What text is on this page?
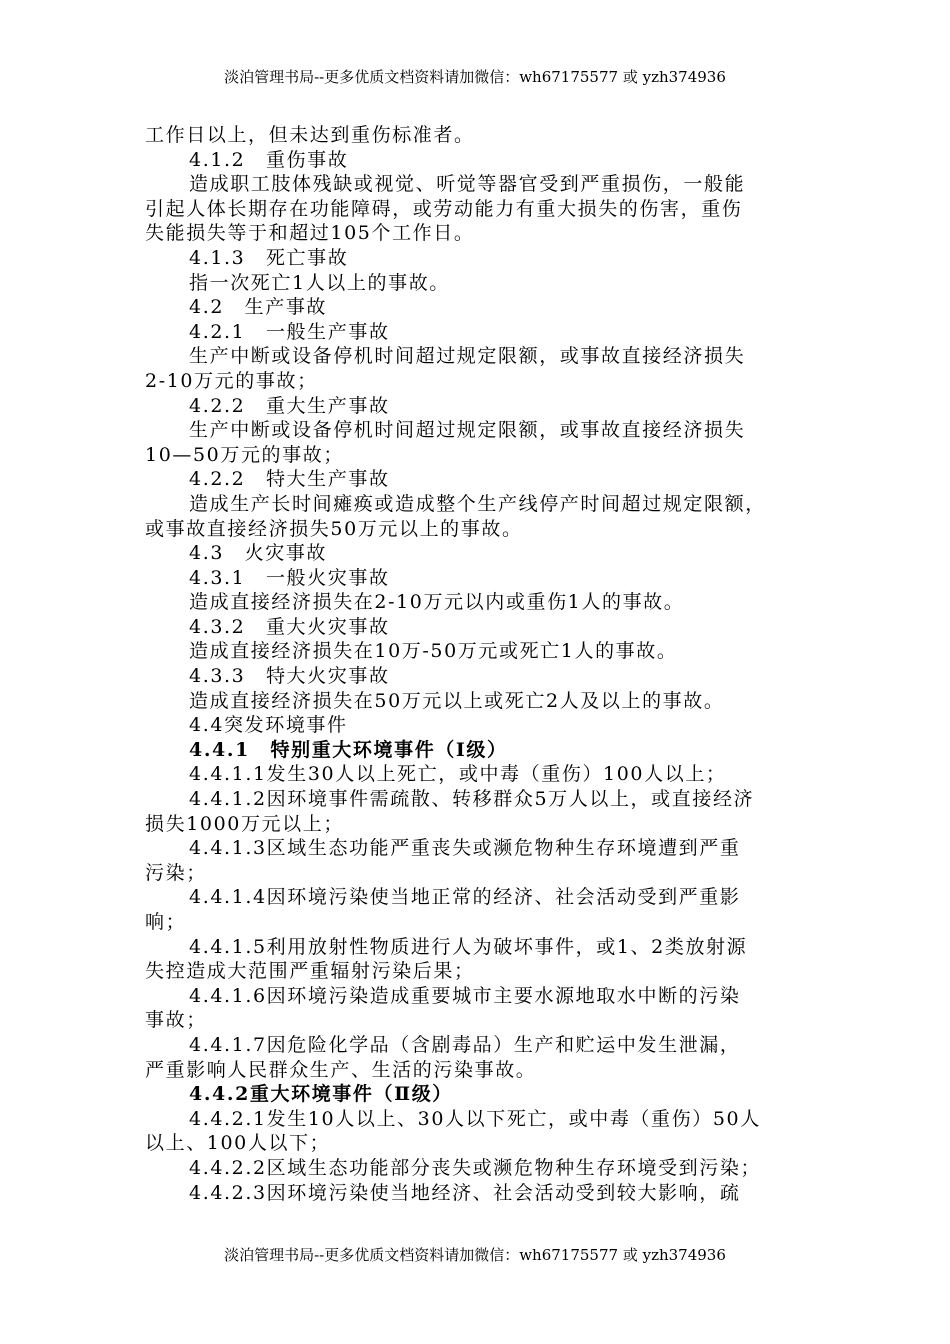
淡泊管理书局--更多优质文档资料请加微信：wh67175577 或 yzh374936
工作日以上，但未达到重伤标准者。
4.1.2　重伤事故
造成职工肢体残缺或视觉、听觉等器官受到严重损伤，一般能
引起人体长期存在功能障碍，或劳动能力有重大损失的伤害，重伤
失能损失等于和超过105个工作日。
4.1.3　死亡事故
指一次死亡1人以上的事故。
4.2　生产事故
4.2.1　一般生产事故
生产中断或设备停机时间超过规定限额，或事故直接经济损失
2-10万元的事故；
4.2.2　重大生产事故
生产中断或设备停机时间超过规定限额，或事故直接经济损失
10—50万元的事故；
4.2.2　特大生产事故
造成生产长时间瘫痪或造成整个生产线停产时间超过规定限额，
或事故直接经济损失50万元以上的事故。
4.3　火灾事故
4.3.1　一般火灾事故
造成直接经济损失在2-10万元以内或重伤1人的事故。
4.3.2　重大火灾事故
造成直接经济损失在10万-50万元或死亡1人的事故。
4.3.3　特大火灾事故
造成直接经济损失在50万元以上或死亡2人及以上的事故。
4.4突发环境事件
4.4.1　特别重大环境事件（Ⅰ级）
4.4.1.1发生30人以上死亡，或中毒（重伤）100人以上；
4.4.1.2因环境事件需疏散、转移群众5万人以上，或直接经济
损失1000万元以上；
4.4.1.3区域生态功能严重丧失或濒危物种生存环境遭到严重
污染；
4.4.1.4因环境污染使当地正常的经济、社会活动受到严重影
响；
4.4.1.5利用放射性物质进行人为破坏事件，或1、2类放射源
失控造成大范围严重辐射污染后果；
4.4.1.6因环境污染造成重要城市主要水源地取水中断的污染
事故；
4.4.1.7因危险化学品（含剧毒品）生产和贮运中发生泄漏，
严重影响人民群众生产、生活的污染事故。
4.4.2重大环境事件（Ⅱ级）
4.4.2.1发生10人以上、30人以下死亡，或中毒（重伤）50人
以上、100人以下；
4.4.2.2区域生态功能部分丧失或濒危物种生存环境受到污染；
4.4.2.3因环境污染使当地经济、社会活动受到较大影响，疏
淡泊管理书局--更多优质文档资料请加微信：wh67175577 或 yzh374936
